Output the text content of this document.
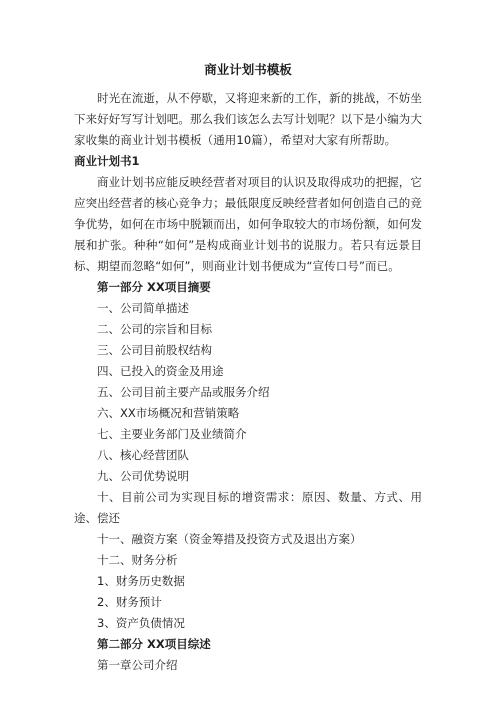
商业计划书模板

时光在流逝，从不停歇，又将迎来新的工作，新的挑战，不妨坐下来好好写写计划吧。那么我们该怎么去写计划呢？以下是小编为大家收集的商业计划书模板（通用10篇），希望对大家有所帮助。

商业计划书1

商业计划书应能反映经营者对项目的认识及取得成功的把握，它应突出经营者的核心竞争力；最低限度反映经营者如何创造自己的竞争优势，如何在市场中脱颖而出，如何争取较大的市场份额，如何发展和扩张。种种“如何”是构成商业计划书的说服力。若只有远景目标、期望而忽略“如何”，则商业计划书便成为“宣传口号”而已。

第一部分 XX项目摘要
一、公司简单描述
二、公司的宗旨和目标
三、公司目前股权结构
四、已投入的资金及用途
五、公司目前主要产品或服务介绍
六、XX市场概况和营销策略
七、主要业务部门及业绩简介
八、核心经营团队
九、公司优势说明
十、目前公司为实现目标的增资需求：原因、数量、方式、用途、偿还
十一、融资方案（资金筹措及投资方式及退出方案）
十二、财务分析
1、财务历史数据
2、财务预计
3、资产负债情况
第二部分 XX项目综述
第一章公司介绍
